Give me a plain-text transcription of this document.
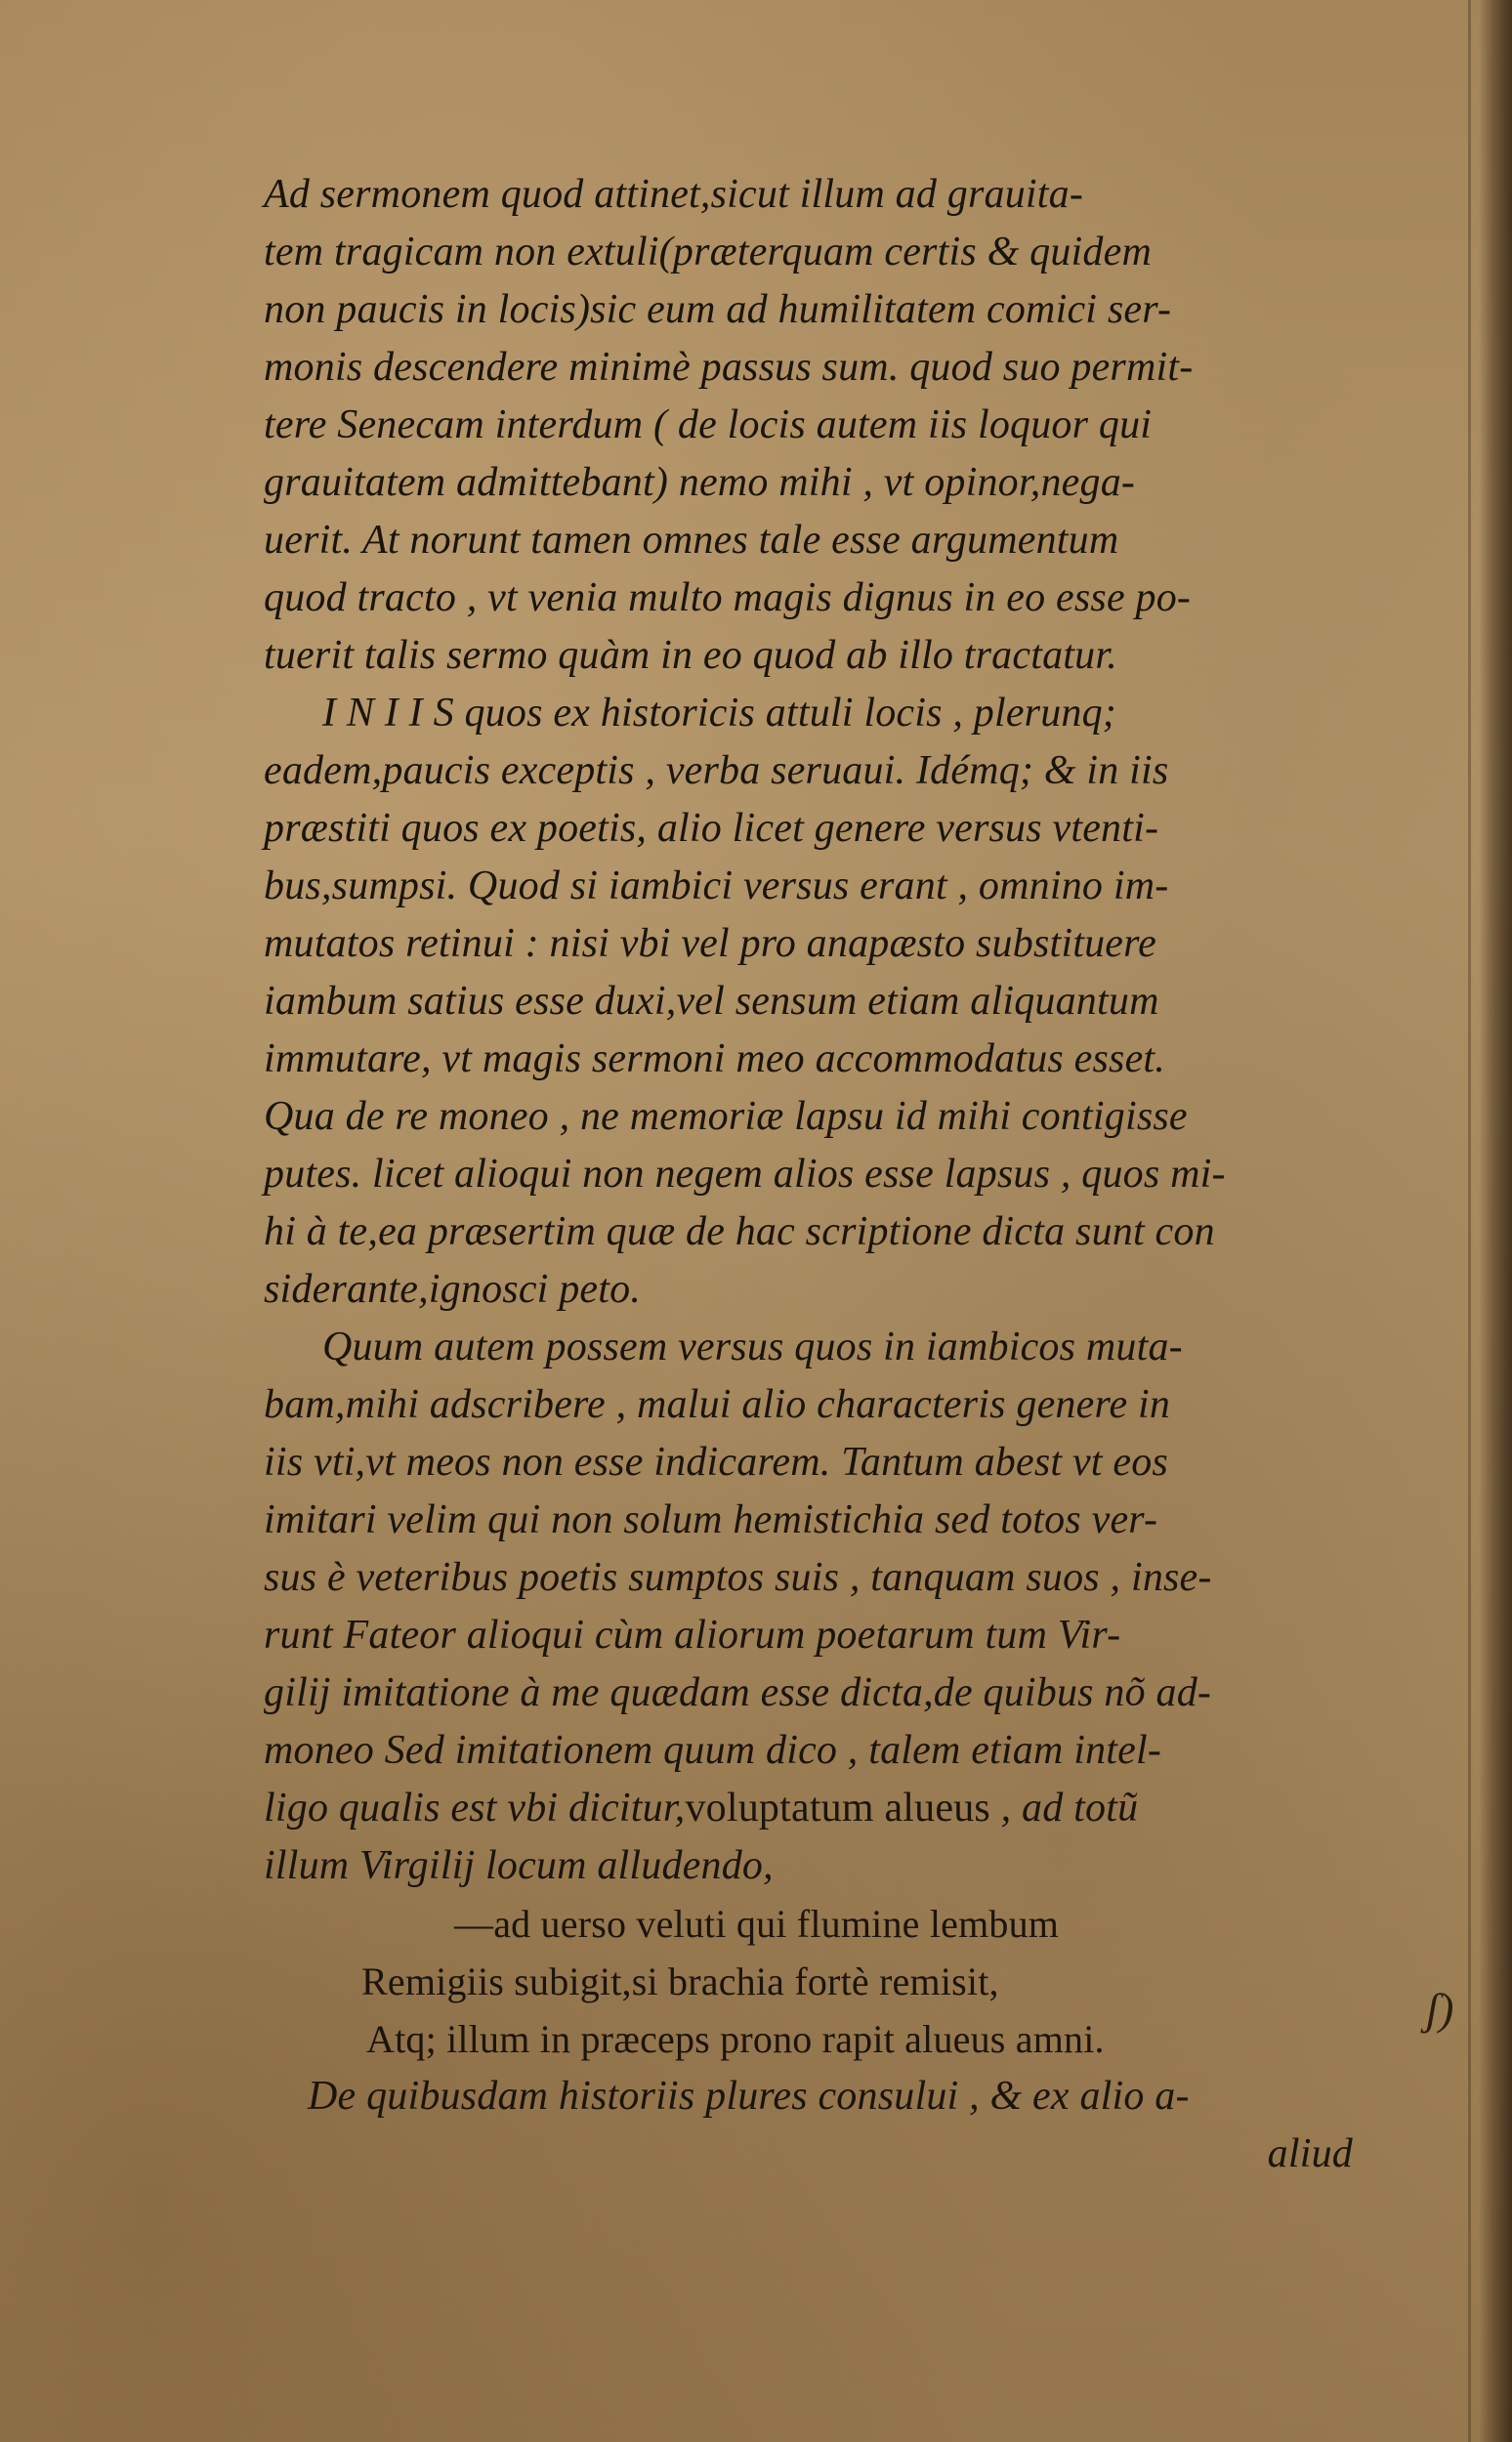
Ad sermonem quod attinet,sicut illum ad grauita-
tem tragicam non extuli(prӕterquam certis & quidem
non paucis in locis)sic eum ad humilitatem comici ser-
monis descendere minimè passus sum. quod suo permit-
tere Senecam interdum ( de locis autem iis loquor qui
grauitatem admittebant) nemo mihi , vt opinor,nega-
uerit. At norunt tamen omnes tale esse argumentum
quod tracto , vt venia multo magis dignus in eo esse po-
tuerit talis sermo quàm in eo quod ab illo tractatur.
I N I I S quos ex historicis attuli locis , plerunq;
eadem,paucis exceptis , verba seruaui. Idémq; & in iis
prӕstiti quos ex poetis, alio licet genere versus vtenti-
bus,sumpsi. Quod si iambici versus erant , omnino im-
mutatos retinui : nisi vbi vel pro anapӕsto substituere
iambum satius esse duxi,vel sensum etiam aliquantum
immutare, vt magis sermoni meo accommodatus esset.
Qua de re moneo , ne memoriӕ lapsu id mihi contigisse
putes. licet alioqui non negem alios esse lapsus , quos mi-
hi à te,ea prӕsertim quӕ de hac scriptione dicta sunt con
siderante,ignosci peto.
Quum autem possem versus quos in iambicos muta-
bam,mihi adscribere , malui alio characteris genere in
iis vti,vt meos non esse indicarem. Tantum abest vt eos
imitari velim qui non solum hemistichia sed totos ver-
sus è veteribus poetis sumptos suis , tanquam suos , inse-
runt Fateor alioqui cùm aliorum poetarum tum Vir-
gilij imitatione à me quӕdam esse dicta,de quibus nõ ad-
moneo Sed imitationem quum dico , talem etiam intel-
ligo qualis est vbi dicitur,voluptatum alueus , ad totũ
illum Virgilij locum alludendo,
—ad uerso veluti qui flumine lembum
Remigiis subigit,si brachia fortè remisit,
Atq; illum in prӕceps prono rapit alueus amni.
De quibusdam historiis plures consului , & ex alio a-
aliud
ʃ)
